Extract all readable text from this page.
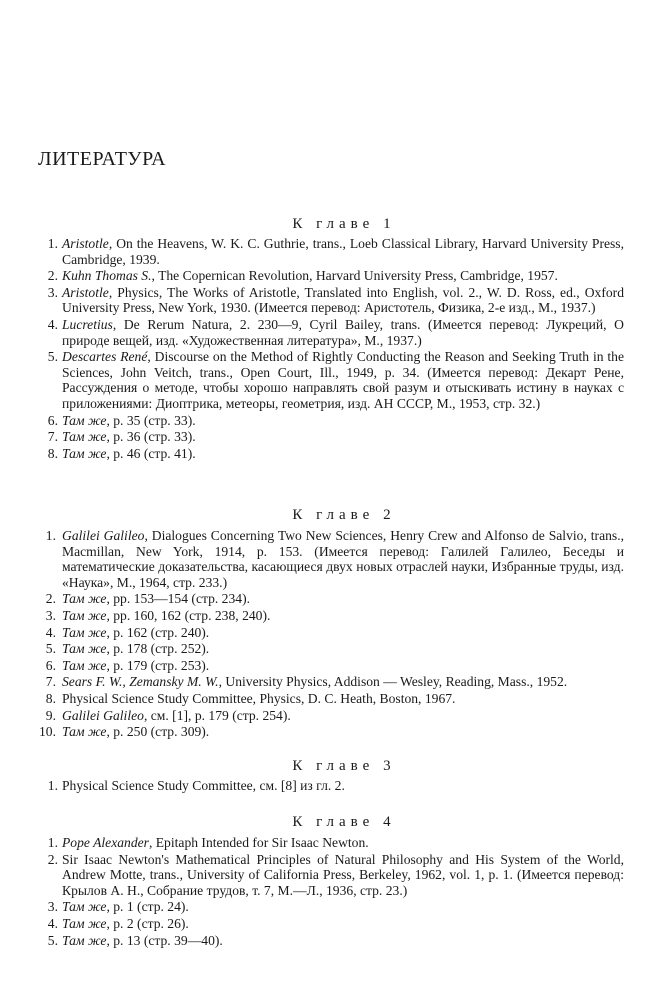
ЛИТЕРАТУРА
К главе 1
1. Aristotle, On the Heavens, W. K. C. Guthrie, trans., Loeb Classical Library, Harvard University Press, Cambridge, 1939.
2. Kuhn Thomas S., The Copernican Revolution, Harvard University Press, Cambridge, 1957.
3. Aristotle, Physics, The Works of Aristotle, Translated into English, vol. 2., W. D. Ross, ed., Oxford University Press, New York, 1930. (Имеется перевод: Аристотель, Физика, 2-е изд., М., 1937.)
4. Lucretius, De Rerum Natura, 2. 230—9, Cyril Bailey, trans. (Имеется перевод: Лукреций, О природе вещей, изд. «Художественная литература», М., 1937.)
5. Descartes René, Discourse on the Method of Rightly Conducting the Reason and Seeking Truth in the Sciences, John Veitch, trans., Open Court, Ill., 1949, p. 34. (Имеется перевод: Декарт Рене, Рассуждения о методе, чтобы хорошо направлять свой разум и отыскивать истину в науках с приложениями: Диоптрика, метеоры, геометрия, изд. АН СССР, М., 1953, стр. 32.)
6. Там же, p. 35 (стр. 33).
7. Там же, p. 36 (стр. 33).
8. Там же, p. 46 (стр. 41).
К главе 2
1. Galilei Galileo, Dialogues Concerning Two New Sciences, Henry Crew and Alfonso de Salvio, trans., Macmillan, New York, 1914, p. 153. (Имеется перевод: Галилей Галилео, Беседы и математические доказательства, касающиеся двух новых отраслей науки, Избранные труды, изд. «Наука», М., 1964, стр. 233.)
2. Там же, pp. 153—154 (стр. 234).
3. Там же, pp. 160, 162 (стр. 238, 240).
4. Там же, p. 162 (стр. 240).
5. Там же, p. 178 (стр. 252).
6. Там же, p. 179 (стр. 253).
7. Sears F. W., Zemansky M. W., University Physics, Addison — Wesley, Reading, Mass., 1952.
8. Physical Science Study Committee, Physics, D. C. Heath, Boston, 1967.
9. Galilei Galileo, см. [1], p. 179 (стр. 254).
10. Там же, p. 250 (стр. 309).
К главе 3
1. Physical Science Study Committee, см. [8] из гл. 2.
К главе 4
1. Pope Alexander, Epitaph Intended for Sir Isaac Newton.
2. Sir Isaac Newton's Mathematical Principles of Natural Philosophy and His System of the World, Andrew Motte, trans., University of California Press, Berkeley, 1962, vol. 1, p. 1. (Имеется перевод: Крылов А. Н., Собрание трудов, т. 7, М.—Л., 1936, стр. 23.)
3. Там же, p. 1 (стр. 24).
4. Там же, p. 2 (стр. 26).
5. Там же, p. 13 (стр. 39—40).
